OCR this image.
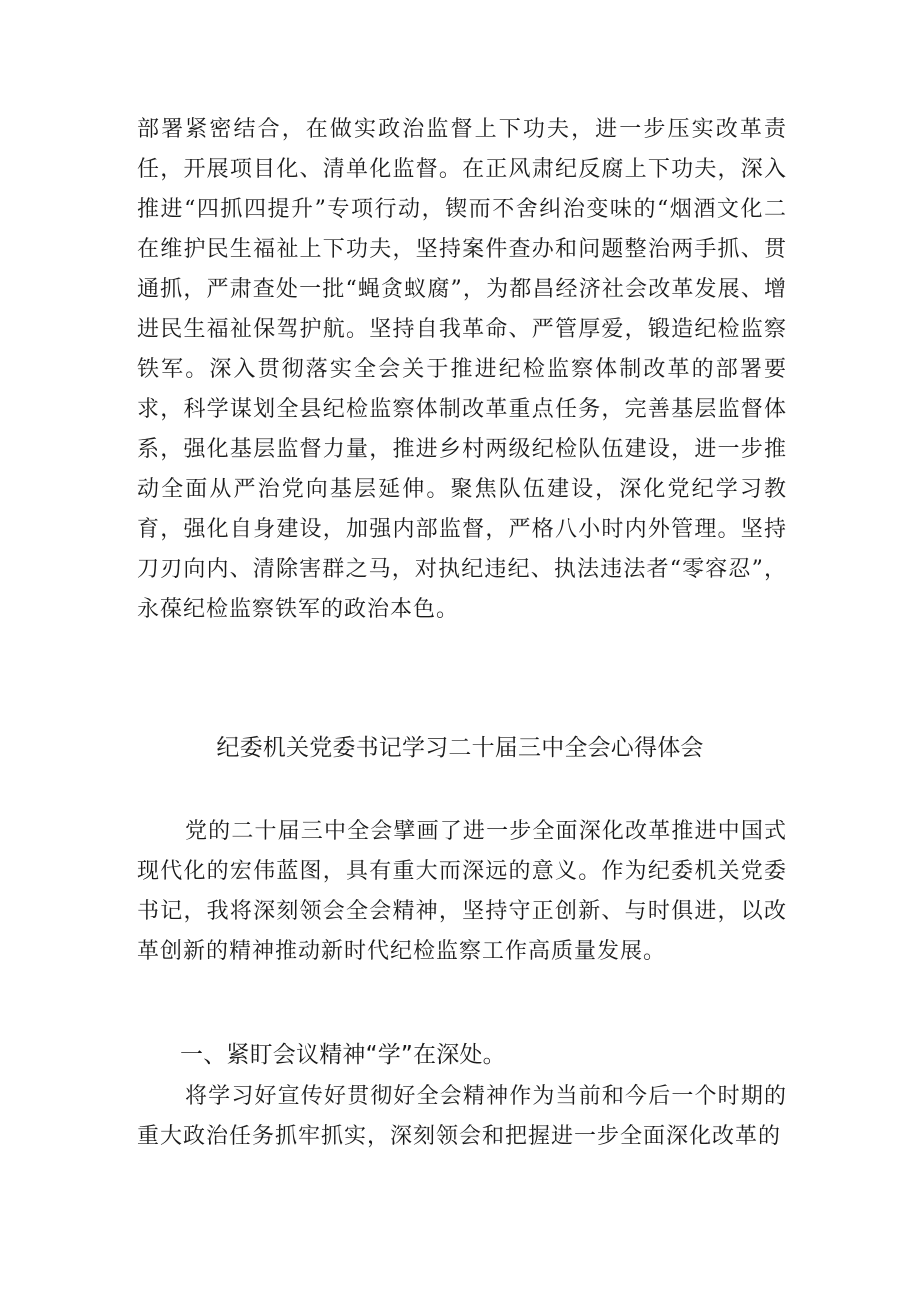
部署紧密结合，在做实政治监督上下功夫，进一步压实改革责任，开展项目化、清单化监督。在正风肃纪反腐上下功夫，深入推进“四抓四提升”专项行动，锲而不舍纠治变味的“烟酒文化二在维护民生福祉上下功夫，坚持案件查办和问题整治两手抓、贯通抓，严肃查处一批“蝇贪蚁腐”，为都昌经济社会改革发展、增进民生福祉保驾护航。坚持自我革命、严管厚爱，锻造纪检监察铁军。深入贯彻落实全会关于推进纪检监察体制改革的部署要求，科学谋划全县纪检监察体制改革重点任务，完善基层监督体系，强化基层监督力量，推进乡村两级纪检队伍建设，进一步推动全面从严治党向基层延伸。聚焦队伍建设，深化党纪学习教育，强化自身建设，加强内部监督，严格八小时内外管理。坚持刀刃向内、清除害群之马，对执纪违纪、执法违法者“零容忍”，永葆纪检监察铁军的政治本色。

纪委机关党委书记学习二十届三中全会心得体会

党的二十届三中全会擘画了进一步全面深化改革推进中国式现代化的宏伟蓝图，具有重大而深远的意义。作为纪委机关党委书记，我将深刻领会全会精神，坚持守正创新、与时俱进，以改革创新的精神推动新时代纪检监察工作高质量发展。

一、紧盯会议精神“学”在深处。

将学习好宣传好贯彻好全会精神作为当前和今后一个时期的重大政治任务抓牢抓实，深刻领会和把握进一步全面深化改革的
